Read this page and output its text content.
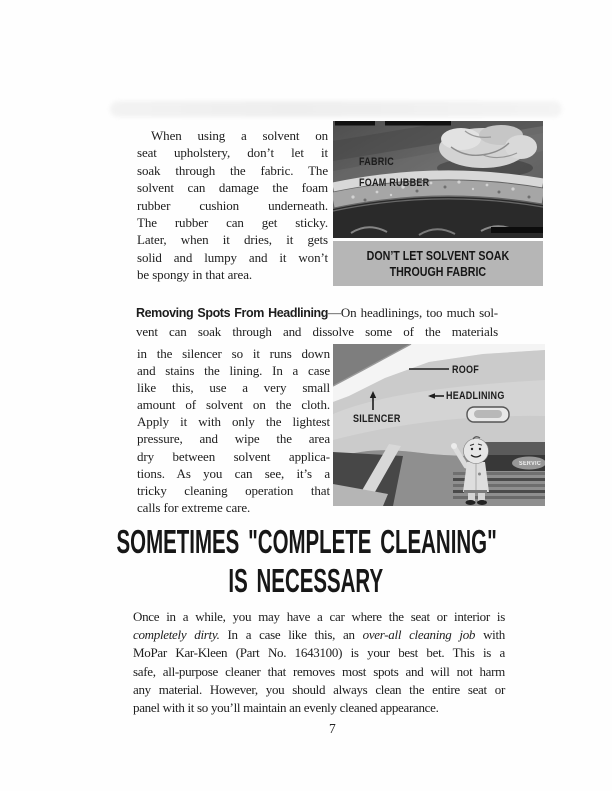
When using a solvent on
seat upholstery, don’t let it
soak through the fabric. The
solvent can damage the foam
rubber cushion underneath.
The rubber can get sticky.
Later, when it dries, it gets
solid and lumpy and it won’t
be spongy in that area.
FABRIC
FOAM RUBBER
DON’T LET SOLVENT SOAK
THROUGH FABRIC
Removing Spots From Headlining—On headlinings, too much sol-
vent can soak through and dissolve some of the materials
in the silencer so it runs down
and stains the lining. In a case
like this, use a very small
amount of solvent on the cloth.
Apply it with only the lightest
pressure, and wipe the area
dry between solvent applica-
tions. As you can see, it’s a
tricky cleaning operation that
calls for extreme care.
ROOF
HEADLINING
SILENCER
SERVIC
SOMETIMES "COMPLETE CLEANING"
IS NECESSARY
Once in a while, you may have a car where the seat or interior is
completely dirty. In a case like this, an over-all cleaning job with
MoPar Kar-Kleen (Part No. 1643100) is your best bet. This is a
safe, all-purpose cleaner that removes most spots and will not harm
any material. However, you should always clean the entire seat or
panel with it so you’ll maintain an evenly cleaned appearance.
7
